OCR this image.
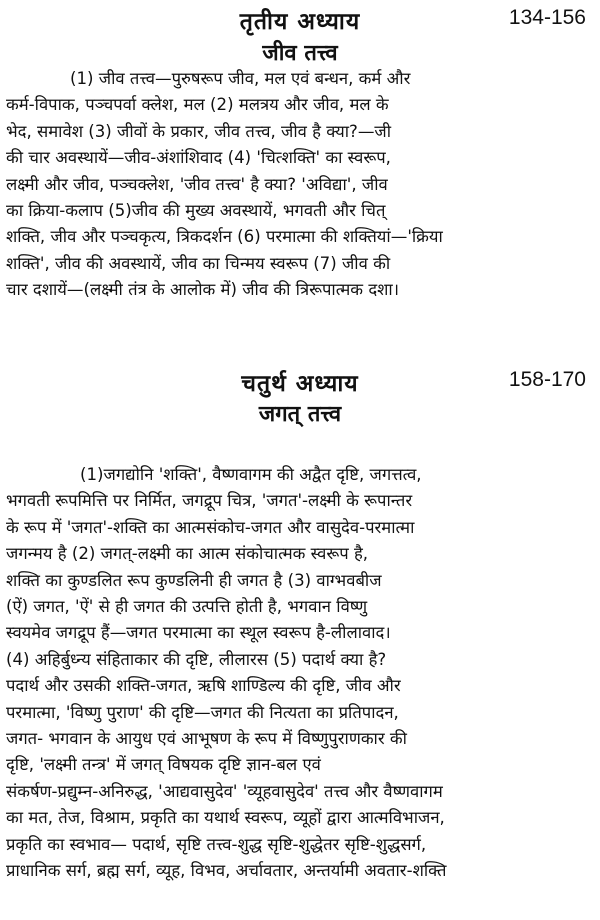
तृतीय अध्याय	134-156
जीव तत्त्व
(1) जीव तत्त्व—पुरुषरूप जीव, मल एवं बन्धन, कर्म और
कर्म-विपाक, पञ्चपर्वा क्लेश, मल (2) मलत्रय और जीव, मल के
भेद, समावेश (3) जीवों के प्रकार, जीव तत्त्व, जीव है क्या?—जी
की चार अवस्थायें—जीव-अंशांशिवाद (4) 'चित्शक्ति' का स्वरूप,
लक्ष्मी और जीव, पञ्चक्लेश, 'जीव तत्त्व' है क्या? 'अविद्या', जीव
का क्रिया-कलाप (5)जीव की मुख्य अवस्थायें, भगवती और चित्
शक्ति, जीव और पञ्चकृत्य, त्रिकदर्शन (6) परमात्मा की शक्तियां—'क्रिया
शक्ति', जीव की अवस्थायें, जीव का चिन्मय स्वरूप (7) जीव की
चार दशायें—(लक्ष्मी तंत्र के आलोक में) जीव की त्रिरूपात्मक दशा।
चतुर्थ अध्याय	158-170
जगत् तत्त्व
(1)जगद्योनि 'शक्ति', वैष्णवागम की अद्वैत दृष्टि, जगत्तत्व,
भगवती रूपमित्ति पर निर्मित, जगद्रूप चित्र, 'जगत'-लक्ष्मी के रूपान्तर
के रूप में 'जगत'-शक्ति का आत्मसंकोच-जगत और वासुदेव-परमात्मा
जगन्मय है (2) जगत्-लक्ष्मी का आत्म संकोचात्मक स्वरूप है,
शक्ति का कुण्डलित रूप कुण्डलिनी ही जगत है (3) वाग्भवबीज
(ऐं) जगत, 'ऐं' से ही जगत की उत्पत्ति होती है, भगवान विष्णु
स्वयमेव जगद्रूप हैं—जगत परमात्मा का स्थूल स्वरूप है-लीलावाद।
(4) अहिर्बुध्न्य संहिताकार की दृष्टि, लीलारस (5) पदार्थ क्या है?
पदार्थ और उसकी शक्ति-जगत, ऋषि शाण्डिल्य की दृष्टि, जीव और
परमात्मा, 'विष्णु पुराण' की दृष्टि—जगत की नित्यता का प्रतिपादन,
जगत- भगवान के आयुध एवं आभूषण के रूप में विष्णुपुराणकार की
दृष्टि, 'लक्ष्मी तन्त्र' में जगत् विषयक दृष्टि ज्ञान-बल एवं
संकर्षण-प्रद्युम्न-अनिरुद्ध, 'आद्यवासुदेव' 'व्यूहवासुदेव' तत्त्व और वैष्णवागम
का मत, तेज, विश्राम, प्रकृति का यथार्थ स्वरूप, व्यूहों द्वारा आत्मविभाजन,
प्रकृति का स्वभाव— पदार्थ, सृष्टि तत्त्व-शुद्ध सृष्टि-शुद्धेतर सृष्टि-शुद्धसर्ग,
प्राधानिक सर्ग, ब्रह्म सर्ग, व्यूह, विभव, अर्चावतार, अन्तर्यामी अवतार-शक्ति
